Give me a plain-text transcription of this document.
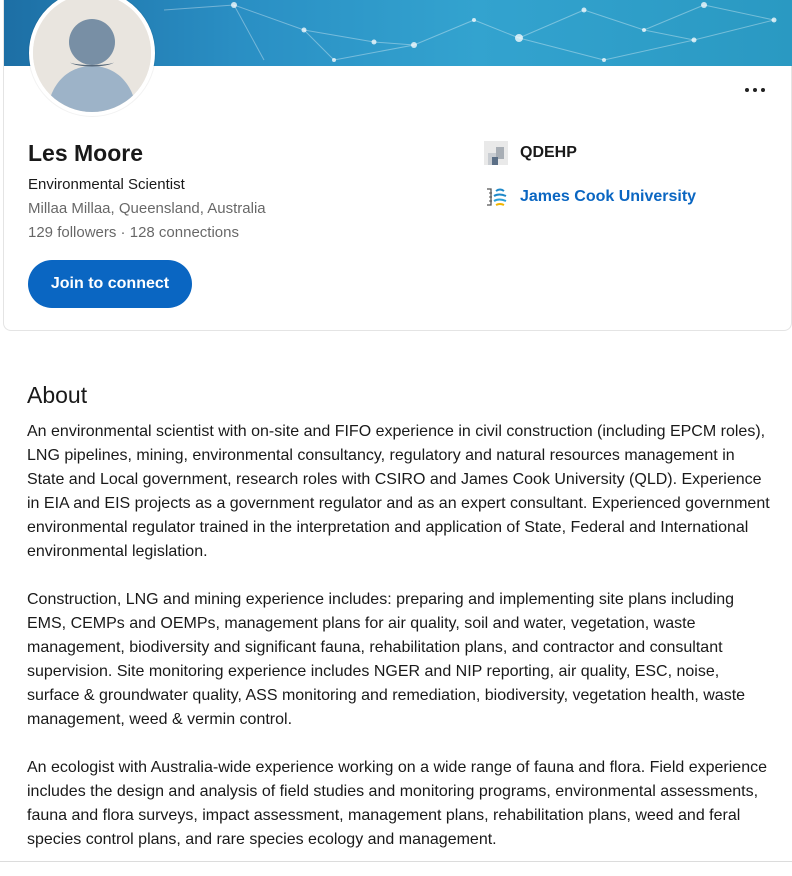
Les Moore
Environmental Scientist
Millaa Millaa, Queensland, Australia
129 followers · 128 connections
Join to connect
QDEHP
James Cook University
About

An environmental scientist with on-site and FIFO experience in civil construction (including EPCM roles), LNG pipelines, mining, environmental consultancy, regulatory and natural resources management in State and Local government, research roles with CSIRO and James Cook University (QLD). Experience in EIA and EIS projects as a government regulator and as an expert consultant. Experienced government environmental regulator trained in the interpretation and application of State, Federal and International environmental legislation.

Construction, LNG and mining experience includes: preparing and implementing site plans including EMS, CEMPs and OEMPs, management plans for air quality, soil and water, vegetation, waste management, biodiversity and significant fauna, rehabilitation plans, and contractor and consultant supervision. Site monitoring experience includes NGER and NIP reporting, air quality, ESC, noise, surface & groundwater quality, ASS monitoring and remediation, biodiversity, vegetation health, waste management, weed & vermin control.

An ecologist with Australia-wide experience working on a wide range of fauna and flora. Field experience includes the design and analysis of field studies and monitoring programs, environmental assessments, fauna and flora surveys, impact assessment, management plans, rehabilitation plans, weed and feral species control plans, and rare species ecology and management.
